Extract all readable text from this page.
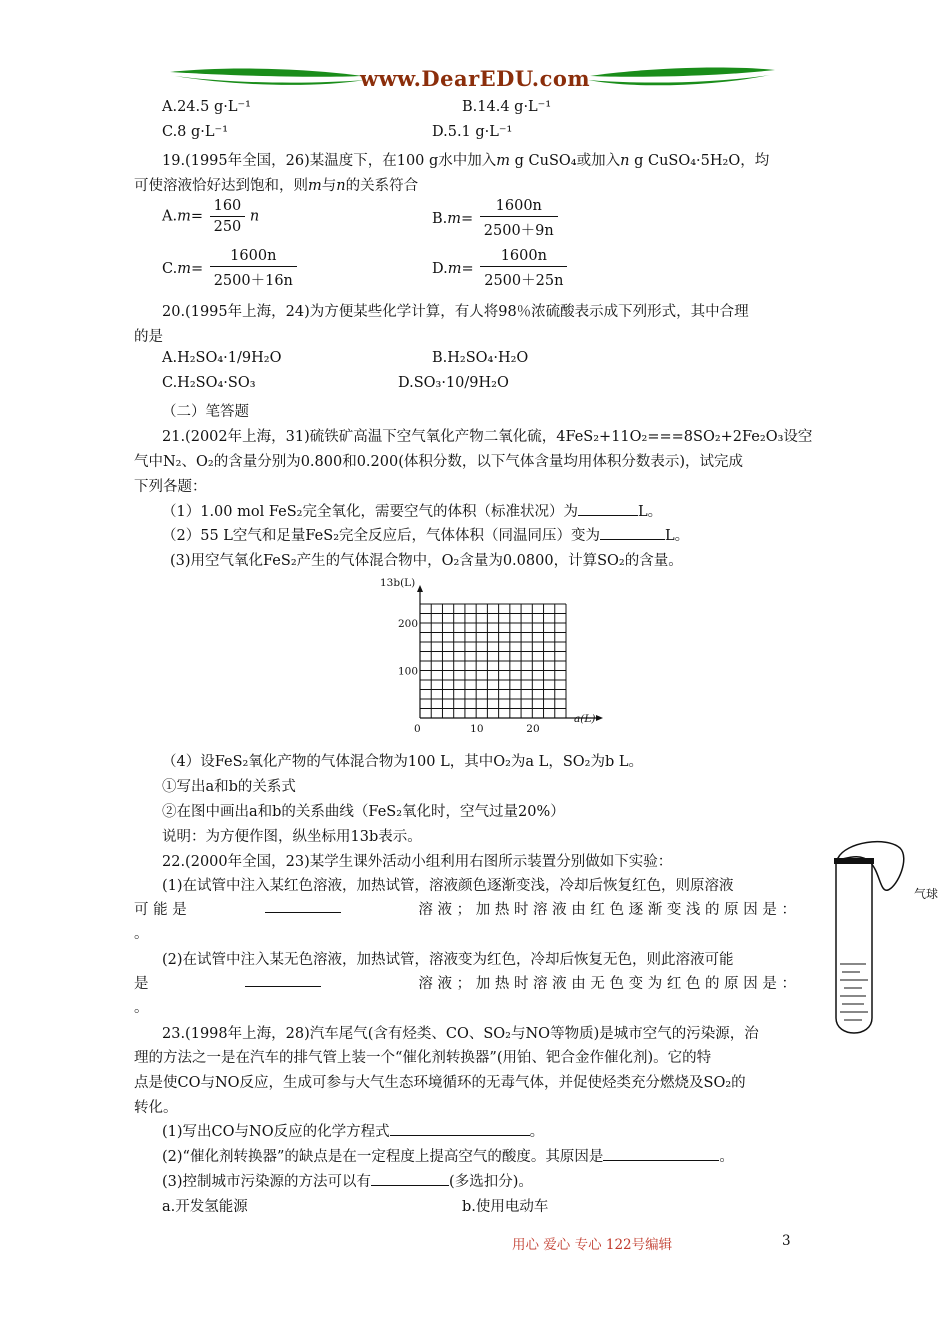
www.DearEDU.com
A.24.5 g·L⁻¹	B.14.4 g·L⁻¹
C.8 g·L⁻¹	D.5.1 g·L⁻¹
19.(1995年全国，26)某温度下，在100 g水中加入m g CuSO₄或加入n g CuSO₄·5H₂O，均
可使溶液恰好达到饱和，则m与n的关系符合
$A.m= \frac{160}{250}$ n	$B.m= \frac{1600n}{2500+9n}$
$C.m= \frac{1600n}{2500+16n}$	$D.m= \frac{1600n}{2500+25n}$
20.(1995年上海，24)为方便某些化学计算，有人将98％浓硫酸表示成下列形式，其中合理
的是
A.H₂SO₄·1/9H₂O	B.H₂SO₄·H₂O
C.H₂SO₄·SO₃	D.SO₃·10/9H₂O
（二）笔答题
21.(2002年上海，31)硫铁矿高温下空气氧化产物二氧化硫，4FeS₂+11O₂===8SO₂+2Fe₂O₃设空
气中N₂、O₂的含量分别为0.800和0.200(体积分数，以下气体含量均用体积分数表示)，试完成
下列各题：
（1）1.00 mol FeS₂完全氧化，需要空气的体积（标准状况）为	L。
（2）55 L空气和足量FeS₂完全反应后，气体体积（同温同压）变为	L。
(3)用空气氧化FeS₂产生的气体混合物中，O₂含量为0.0800，计算SO₂的含量。
13b(L)
a(L)
0	10	20
100
200
（4）设FeS₂氧化产物的气体混合物为100 L，其中O₂为a L，SO₂为b L。
①写出a和b的关系式
②在图中画出a和b的关系曲线（FeS₂氧化时，空气过量20%）
说明：为方便作图，纵坐标用13b表示。
22.(2000年全国，23)某学生课外活动小组利用右图所示装置分别做如下实验：
(1)在试管中注入某红色溶液，加热试管，溶液颜色逐渐变浅，冷却后恢复红色，则原溶液
可 能 是	溶 液 ； 加 热 时 溶 液 由 红 色 逐 渐 变 浅 的 原 因 是 ：
。
(2)在试管中注入某无色溶液，加热试管，溶液变为红色，冷却后恢复无色，则此溶液可能
是	溶 液 ； 加 热 时 溶 液 由 无 色 变 为 红 色 的 原 因 是 ：
。
气球
23.(1998年上海，28)汽车尾气(含有烃类、CO、SO₂与NO等物质)是城市空气的污染源，治
理的方法之一是在汽车的排气管上装一个“催化剂转换器”(用铂、钯合金作催化剂)。它的特
点是使CO与NO反应，生成可参与大气生态环境循环的无毒气体，并促使烃类充分燃烧及SO₂的
转化。
(1)写出CO与NO反应的化学方程式	。
(2)“催化剂转换器”的缺点是在一定程度上提高空气的酸度。其原因是	。
(3)控制城市污染源的方法可以有	(多选扣分)。
a.开发氢能源	b.使用电动车
用心 爱心 专心 122号编辑	3
